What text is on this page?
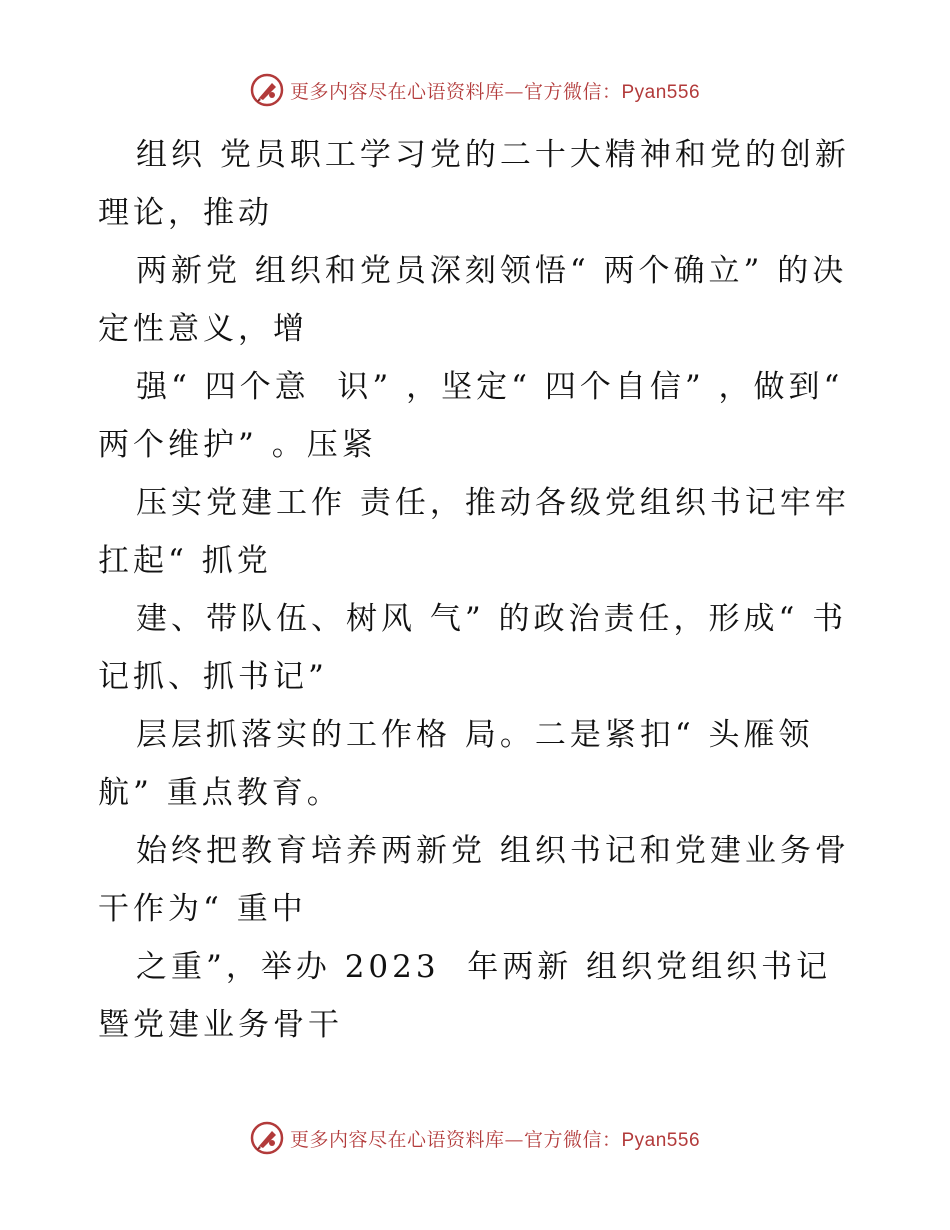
更多内容尽在心语资料库—官方微信：Pyan556

组织 党员职工学习党的二十大精神和党的创新理论，推动

两新党 组织和党员深刻领悟“ 两个确立” 的决定性意义，增

强“ 四个意  识” ，坚定“ 四个自信” ，做到“ 两个维护” 。压紧

压实党建工作 责任，推动各级党组织书记牢牢扛起“ 抓党

建、带队伍、树风 气” 的政治责任，形成“ 书记抓、抓书记”

层层抓落实的工作格 局。二是紧扣“ 头雁领航” 重点教育。

始终把教育培养两新党 组织书记和党建业务骨干作为“ 重中

之重”，举办 2023  年两新 组织党组织书记暨党建业务骨干

更多内容尽在心语资料库—官方微信：Pyan556
